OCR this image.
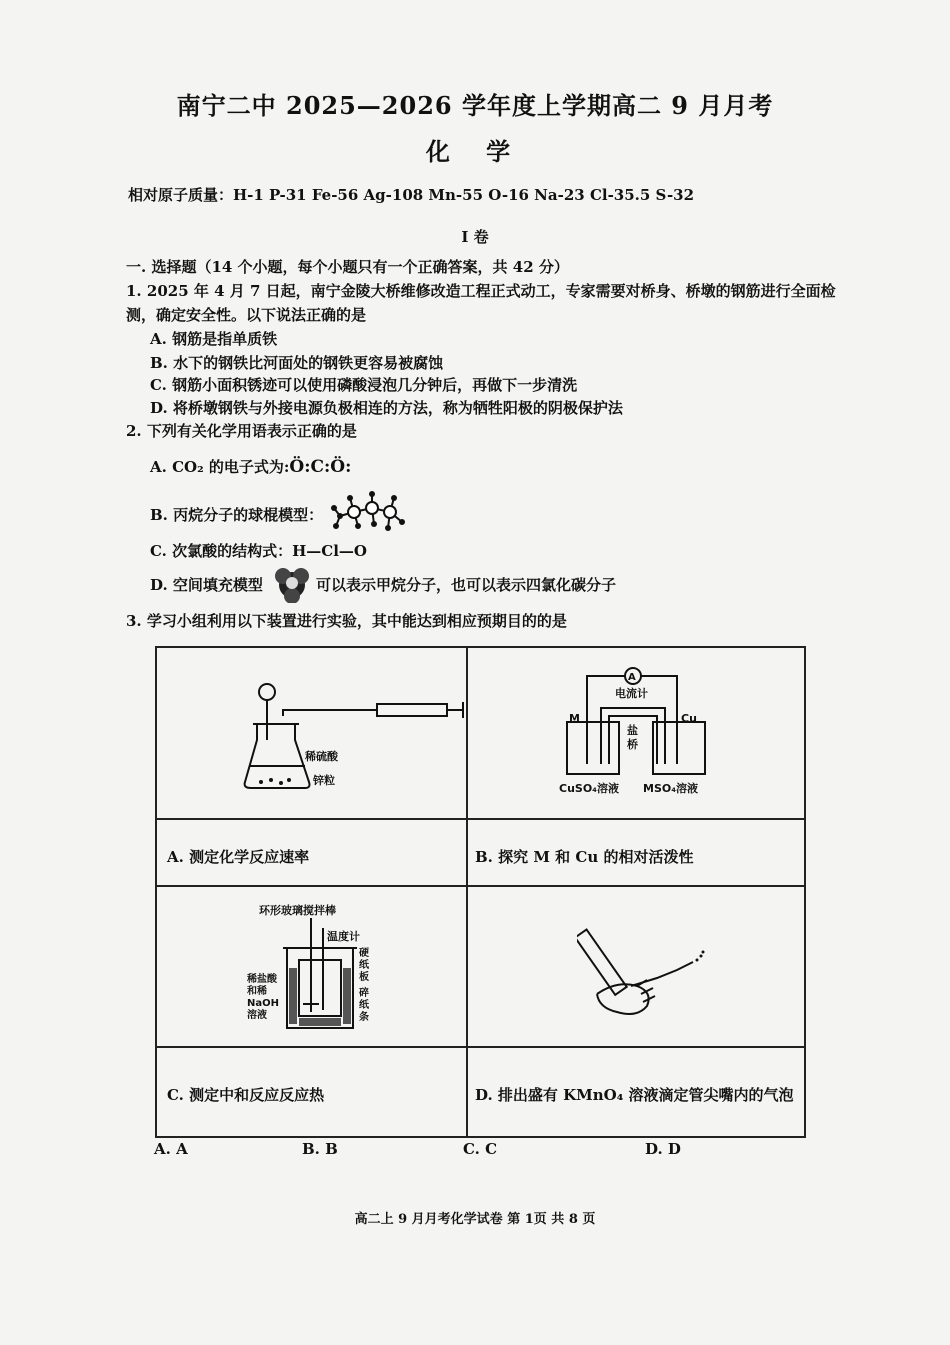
南宁二中 2025—2026 学年度上学期高二 9 月月考
化 学
相对原子质量：H-1 P-31 Fe-56 Ag-108 Mn-55 O-16 Na-23 Cl-35.5 S-32
I 卷
一. 选择题（14 个小题，每个小题只有一个正确答案，共 42 分）
1. 2025 年 4 月 7 日起，南宁金陵大桥维修改造工程正式动工，专家需要对桥身、桥墩的钢筋进行全面检
测，确定安全性。以下说法正确的是
A. 钢筋是指单质铁
B. 水下的钢铁比河面处的钢铁更容易被腐蚀
C. 钢筋小面积锈迹可以使用磷酸浸泡几分钟后，再做下一步清洗
D. 将桥墩钢铁与外接电源负极相连的方法，称为牺牲阳极的阴极保护法
2. 下列有关化学用语表示正确的是
A. CO₂ 的电子式为:Ö:C:Ö:
B. 丙烷分子的球棍模型：
C. 次氯酸的结构式：H—Cl—O
D. 空间填充模型	可以表示甲烷分子，也可以表示四氯化碳分子
3. 学习小组利用以下装置进行实验，其中能达到相应预期目的的是
稀硫酸
锌粒
A
电流计
M	Cu
盐
桥
CuSO₄溶液 MSO₄溶液
A. 测定化学反应速率	B. 探究 M 和 Cu 的相对活泼性
环形玻璃搅拌棒
温度计
硬
纸
板
稀盐酸
和稀
NaOH
溶液
碎
纸
条
C. 测定中和反应反应热	D. 排出盛有 KMnO₄ 溶液滴定管尖嘴内的气泡
A. A	B. B	C. C	D. D
高二上 9 月月考化学试卷 第 1页 共 8 页
